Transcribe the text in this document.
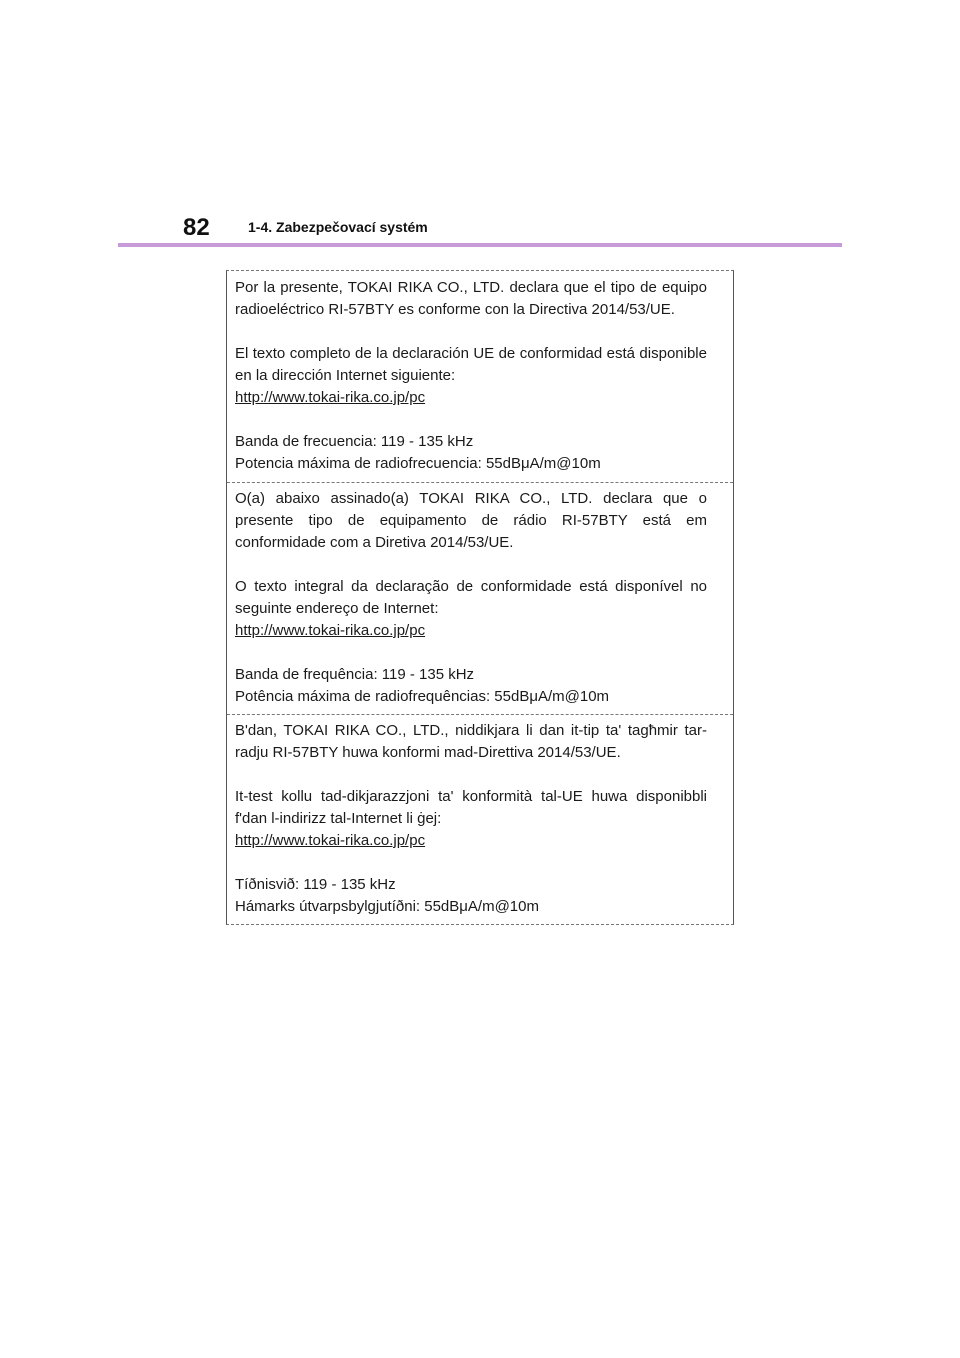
82	1-4. Zabezpečovací systém

Por la presente, TOKAI RIKA CO., LTD. declara que el tipo de equipo radioeléctrico RI-57BTY es conforme con la Directiva 2014/53/UE.

El texto completo de la declaración UE de conformidad está disponible en la dirección Internet siguiente:

http://www.tokai-rika.co.jp/pc

Banda de frecuencia: 119 - 135 kHz

Potencia máxima de radiofrecuencia: 55dBμA/m@10m

O(a) abaixo assinado(a) TOKAI RIKA CO., LTD. declara que o presente tipo de equipamento de rádio RI-57BTY está em conformidade com a Diretiva 2014/53/UE.

O texto integral da declaração de conformidade está disponível no seguinte endereço de Internet:

http://www.tokai-rika.co.jp/pc

Banda de frequência: 119 - 135 kHz

Potência máxima de radiofrequências: 55dBμA/m@10m

B'dan, TOKAI RIKA CO., LTD., niddikjara li dan it-tip ta' tagħmir tar-radju RI-57BTY huwa konformi mad-Direttiva 2014/53/UE.

It-test kollu tad-dikjarazzjoni ta' konformità tal-UE huwa disponibbli f'dan l-indirizz tal-Internet li ġej:

http://www.tokai-rika.co.jp/pc

Tíðnisvið: 119 - 135 kHz

Hámarks útvarpsbylgjutíðni: 55dBμA/m@10m
